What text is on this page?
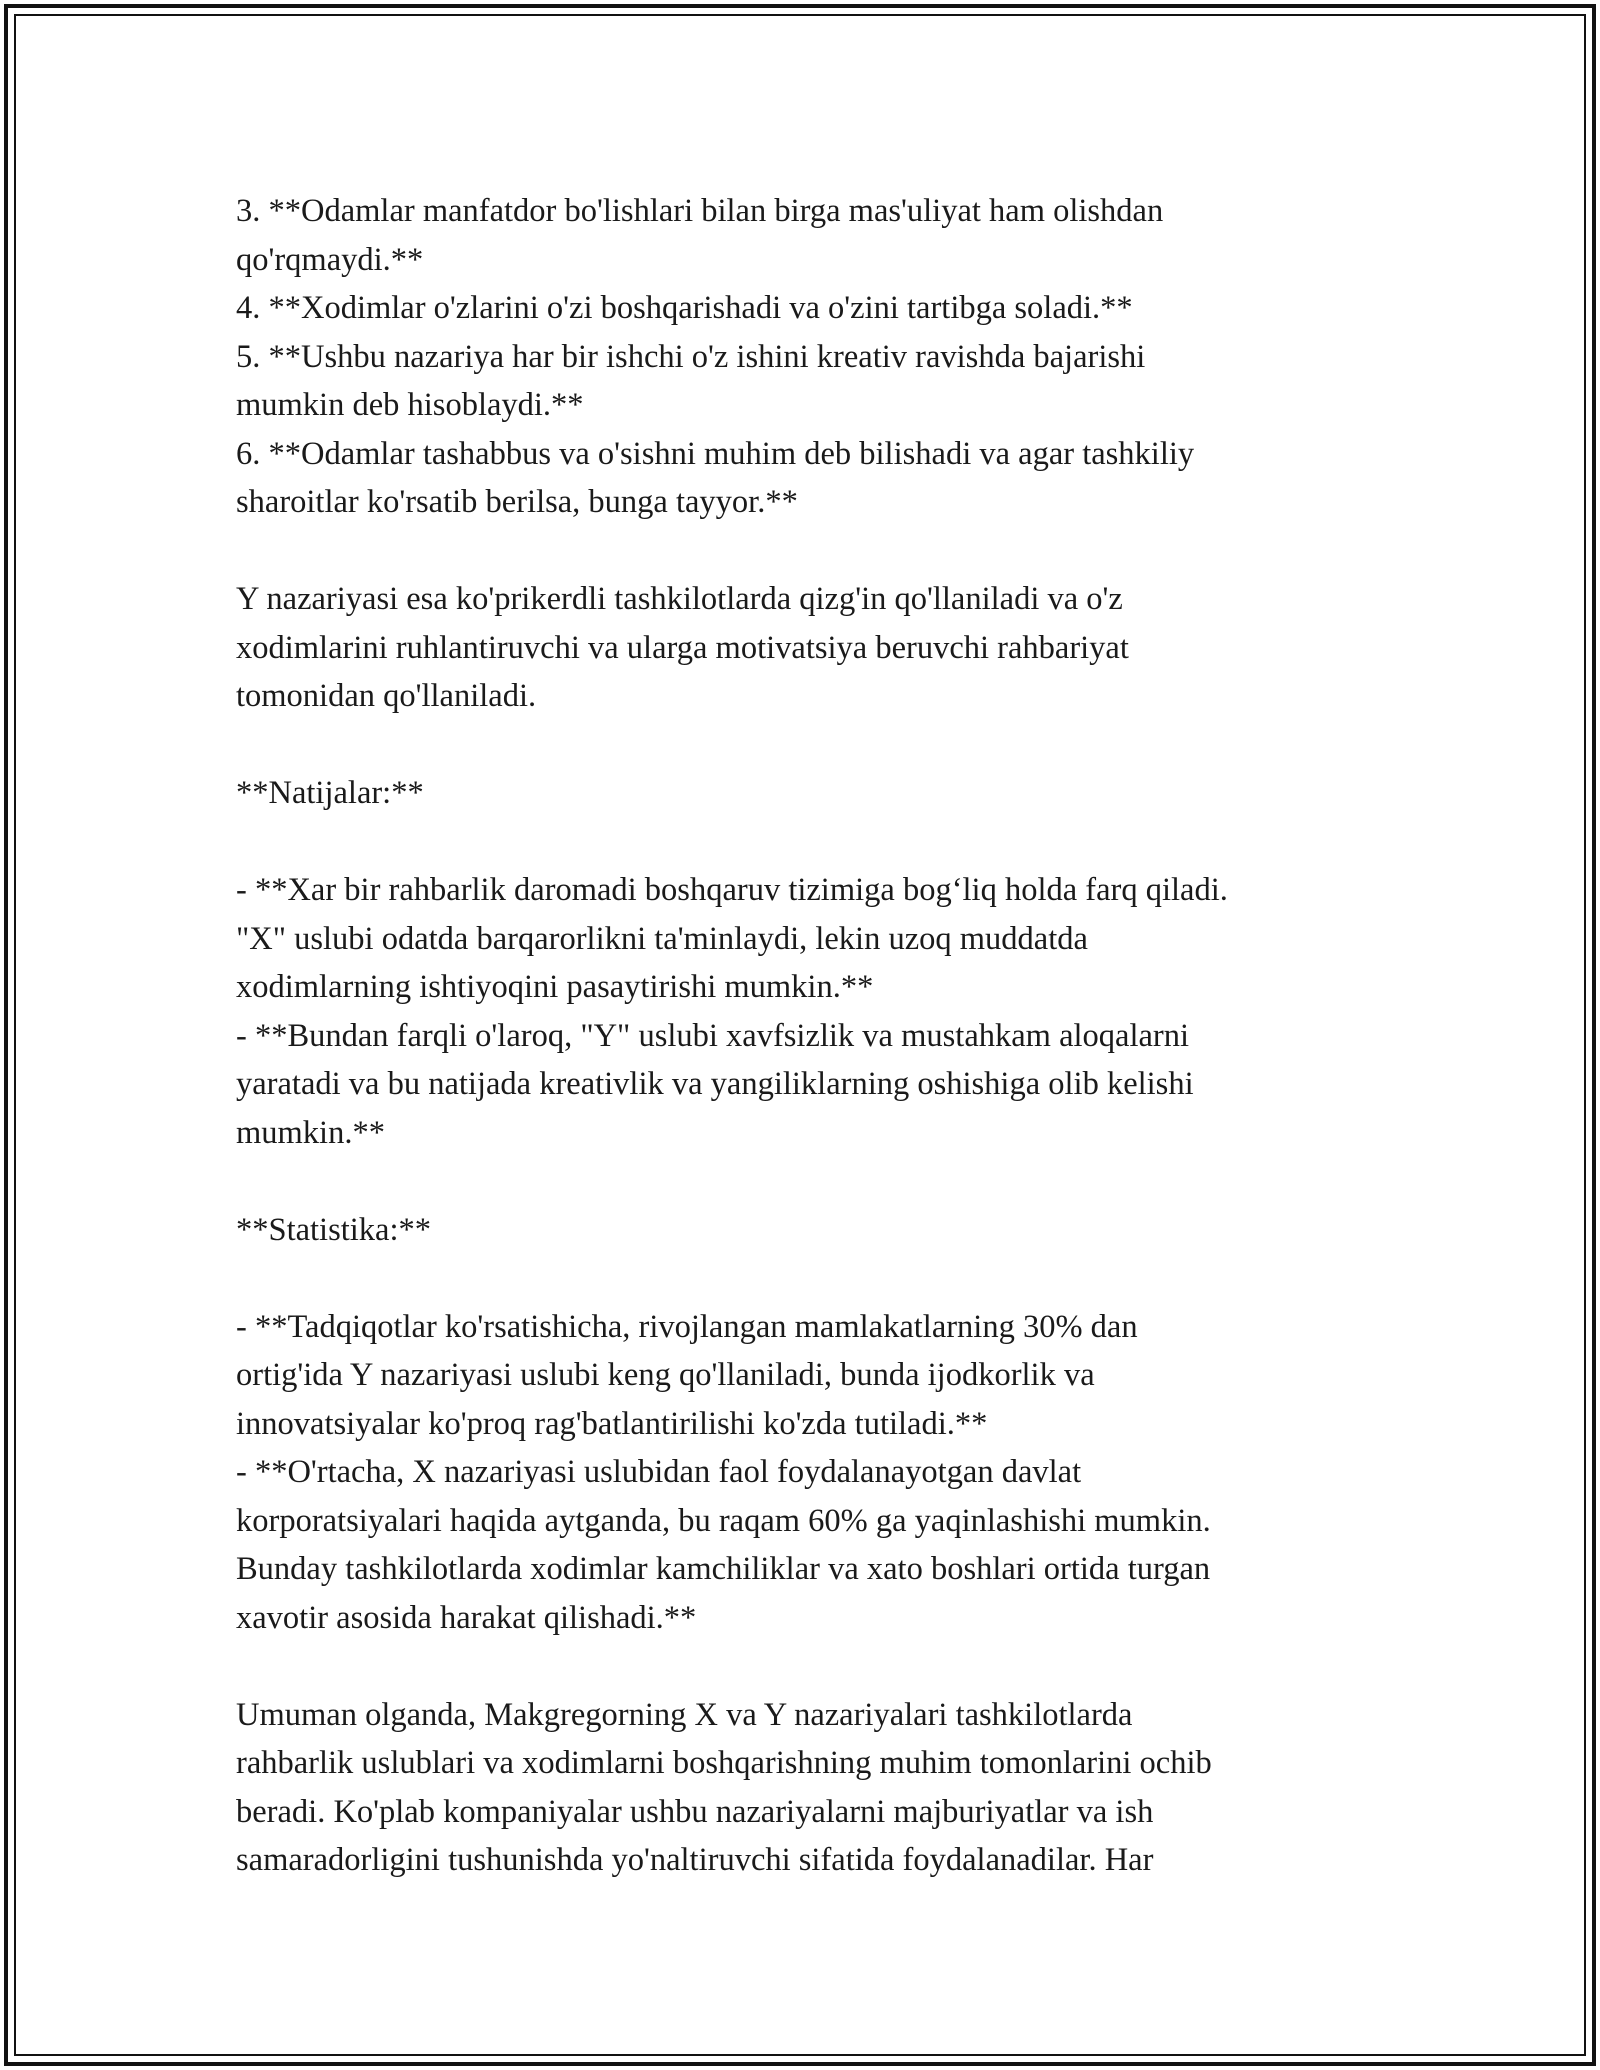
3. **Odamlar manfatdor bo'lishlari bilan birga mas'uliyat ham olishdan
qo'rqmaydi.**
4. **Xodimlar o'zlarini o'zi boshqarishadi va o'zini tartibga soladi.**
5. **Ushbu nazariya har bir ishchi o'z ishini kreativ ravishda bajarishi
mumkin deb hisoblaydi.**
6. **Odamlar tashabbus va o'sishni muhim deb bilishadi va agar tashkiliy
sharoitlar ko'rsatib berilsa, bunga tayyor.**
Y nazariyasi esa ko'prikerdli tashkilotlarda qizg'in qo'llaniladi va o'z
xodimlarini ruhlantiruvchi va ularga motivatsiya beruvchi rahbariyat
tomonidan qo'llaniladi.
**Natijalar:**
- **Xar bir rahbarlik daromadi boshqaruv tizimiga bog‘liq holda farq qiladi.
"X" uslubi odatda barqarorlikni ta'minlaydi, lekin uzoq muddatda
xodimlarning ishtiyoqini pasaytirishi mumkin.**
- **Bundan farqli o'laroq, "Y" uslubi xavfsizlik va mustahkam aloqalarni
yaratadi va bu natijada kreativlik va yangiliklarning oshishiga olib kelishi
mumkin.**
**Statistika:**
- **Tadqiqotlar ko'rsatishicha, rivojlangan mamlakatlarning 30% dan
ortig'ida Y nazariyasi uslubi keng qo'llaniladi, bunda ijodkorlik va
innovatsiyalar ko'proq rag'batlantirilishi ko'zda tutiladi.**
- **O'rtacha, X nazariyasi uslubidan faol foydalanayotgan davlat
korporatsiyalari haqida aytganda, bu raqam 60% ga yaqinlashishi mumkin.
Bunday tashkilotlarda xodimlar kamchiliklar va xato boshlari ortida turgan
xavotir asosida harakat qilishadi.**
Umuman olganda, Makgregorning X va Y nazariyalari tashkilotlarda
rahbarlik uslublari va xodimlarni boshqarishning muhim tomonlarini ochib
beradi. Ko'plab kompaniyalar ushbu nazariyalarni majburiyatlar va ish
samaradorligini tushunishda yo'naltiruvchi sifatida foydalanadilar. Har
